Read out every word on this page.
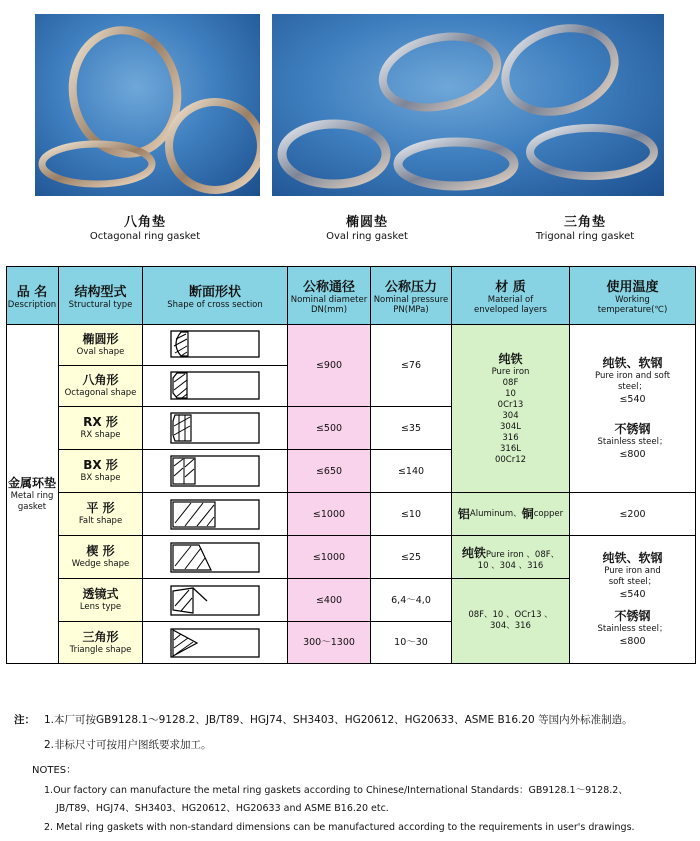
八角垫
Octagonal ring gasket
椭圆垫
Oval ring gasket
三角垫
Trigonal ring gasket
品 名
Description
结构型式
Structural type
断面形状
Shape of cross section
公称通径
Nominal diameter
DN(mm)
公称压力
Nominal pressure
PN(MPa)
材 质
Material of
enveloped layers
使用温度
Working
temperature(℃)
金属环垫
Metal ring
gasket
椭圆形
Oval shape
八角形
Octagonal shape
RX 形
RX shape
BX 形
BX shape
平 形
Falt shape
楔 形
Wedge shape
透镜式
Lens type
三角形
Triangle shape
≤900
≤500
≤650
≤1000
≤1000
≤400
300～1300
≤76
≤35
≤140
≤10
≤25
6,4～4,0
10～30
纯铁
Pure iron
08F
10
0Cr13
304
304L
316
316L
00Cr12
铝 Aluminum、 铜 copper
纯铁Pure iron 、08F、
10 、304 、316
08F、10 、OCr13 、
304、316
纯铁、软钢
Pure iron and soft
steel；
≤540
不锈钢
Stainless steel；
≤800
≤200
纯铁、软钢
Pure iron and
soft steel；
≤540
不锈钢
Stainless steel；
≤800
注： 1.本厂可按GB9128.1～9128.2、JB/T89、HGJ74、SH3403、HG20612、HG20633、ASME B16.20 等国内外标准制造。
2.非标尺寸可按用户图纸要求加工。
NOTES：
1.Our factory can manufacture the metal ring gaskets according to Chinese/International Standards：GB9128.1～9128.2、
JB/T89、HGJ74、SH3403、HG20612、HG20633 and ASME B16.20 etc.
2. Metal ring gaskets with non-standard dimensions can be manufactured according to the requirements in user's drawings.
